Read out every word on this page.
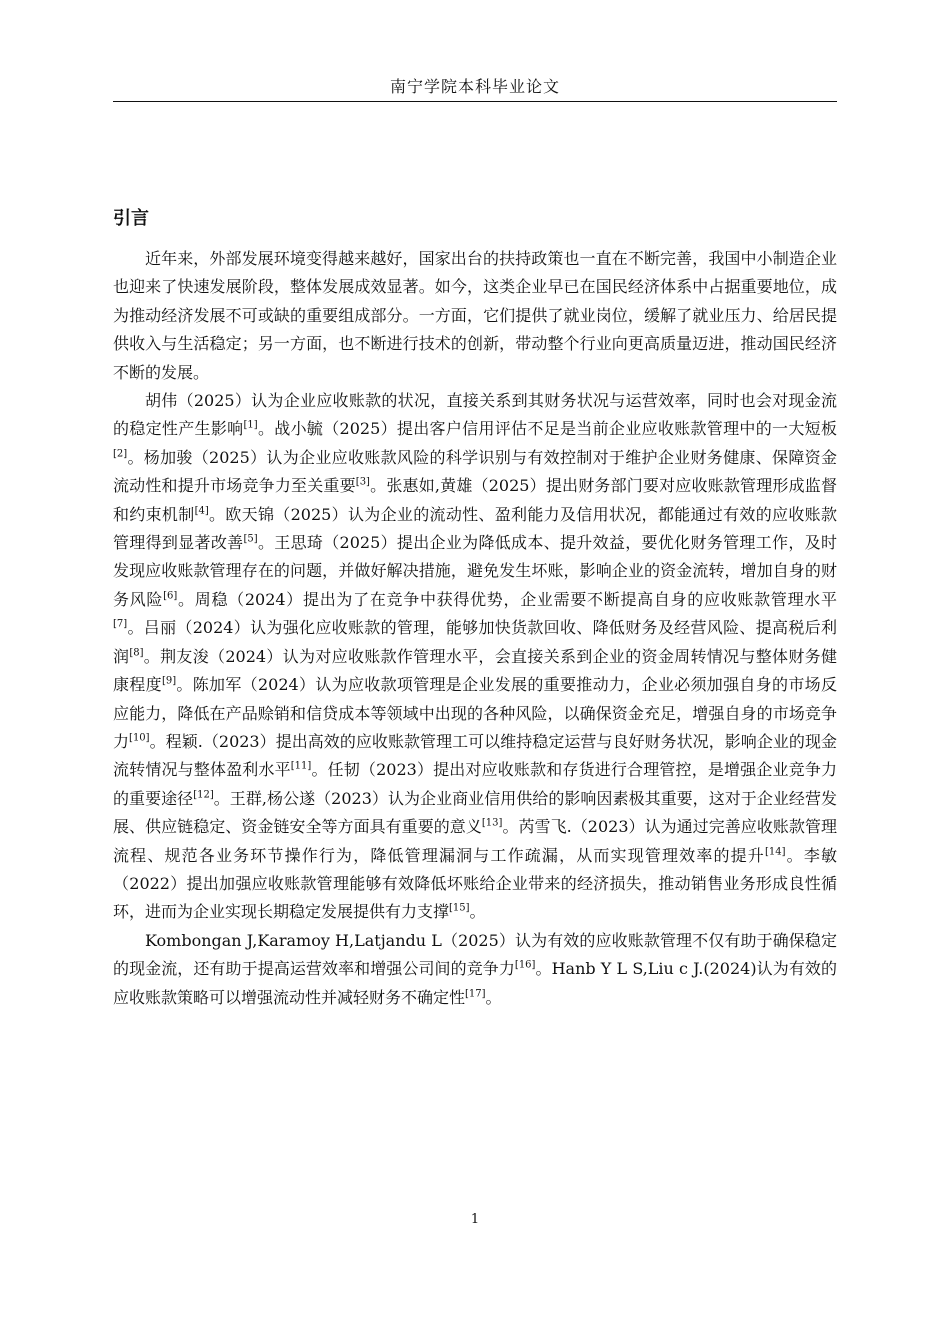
南宁学院本科毕业论文
引言

近年来，外部发展环境变得越来越好，国家出台的扶持政策也一直在不断完善，我国中小制造企业也迎来了快速发展阶段，整体发展成效显著。如今，这类企业早已在国民经济体系中占据重要地位，成为推动经济发展不可或缺的重要组成部分。一方面，它们提供了就业岗位，缓解了就业压力、给居民提供收入与生活稳定；另一方面，也不断进行技术的创新，带动整个行业向更高质量迈进，推动国民经济不断的发展。

胡伟（2025）认为企业应收账款的状况，直接关系到其财务状况与运营效率，同时也会对现金流的稳定性产生影响[1]。战小毓（2025）提出客户信用评估不足是当前企业应收账款管理中的一大短板[2]。杨加骏（2025）认为企业应收账款风险的科学识别与有效控制对于维护企业财务健康、保障资金流动性和提升市场竞争力至关重要[3]。张惠如,黄雄（2025）提出财务部门要对应收账款管理形成监督和约束机制[4]。欧天锦（2025）认为企业的流动性、盈利能力及信用状况，都能通过有效的应收账款管理得到显著改善[5]。王思琦（2025）提出企业为降低成本、提升效益，要优化财务管理工作，及时发现应收账款管理存在的问题，并做好解决措施，避免发生坏账，影响企业的资金流转，增加自身的财务风险[6]。周稳（2024）提出为了在竞争中获得优势，企业需要不断提高自身的应收账款管理水平[7]。吕丽（2024）认为强化应收账款的管理，能够加快货款回收、降低财务及经营风险、提高税后利润[8]。荆友浚（2024）认为对应收账款作管理水平，会直接关系到企业的资金周转情况与整体财务健康程度[9]。陈加军（2024）认为应收款项管理是企业发展的重要推动力，企业必须加强自身的市场反应能力，降低在产品赊销和信贷成本等领域中出现的各种风险，以确保资金充足，增强自身的市场竞争力[10]。程颖.（2023）提出高效的应收账款管理工可以维持稳定运营与良好财务状况，影响企业的现金流转情况与整体盈利水平[11]。任韧（2023）提出对应收账款和存货进行合理管控，是增强企业竞争力的重要途径[12]。王群,杨公遂（2023）认为企业商业信用供给的影响因素极其重要，这对于企业经营发展、供应链稳定、资金链安全等方面具有重要的意义[13]。芮雪飞.（2023）认为通过完善应收账款管理流程、规范各业务环节操作行为，降低管理漏洞与工作疏漏，从而实现管理效率的提升[14]。李敏（2022）提出加强应收账款管理能够有效降低坏账给企业带来的经济损失，推动销售业务形成良性循环，进而为企业实现长期稳定发展提供有力支撑[15]。

Kombongan J,Karamoy H,Latjandu L（2025）认为有效的应收账款管理不仅有助于确保稳定的现金流，还有助于提高运营效率和增强公司间的竞争力[16]。Hanb Y L S,Liu c J.(2024)认为有效的应收账款策略可以增强流动性并减轻财务不确定性[17]。

1
